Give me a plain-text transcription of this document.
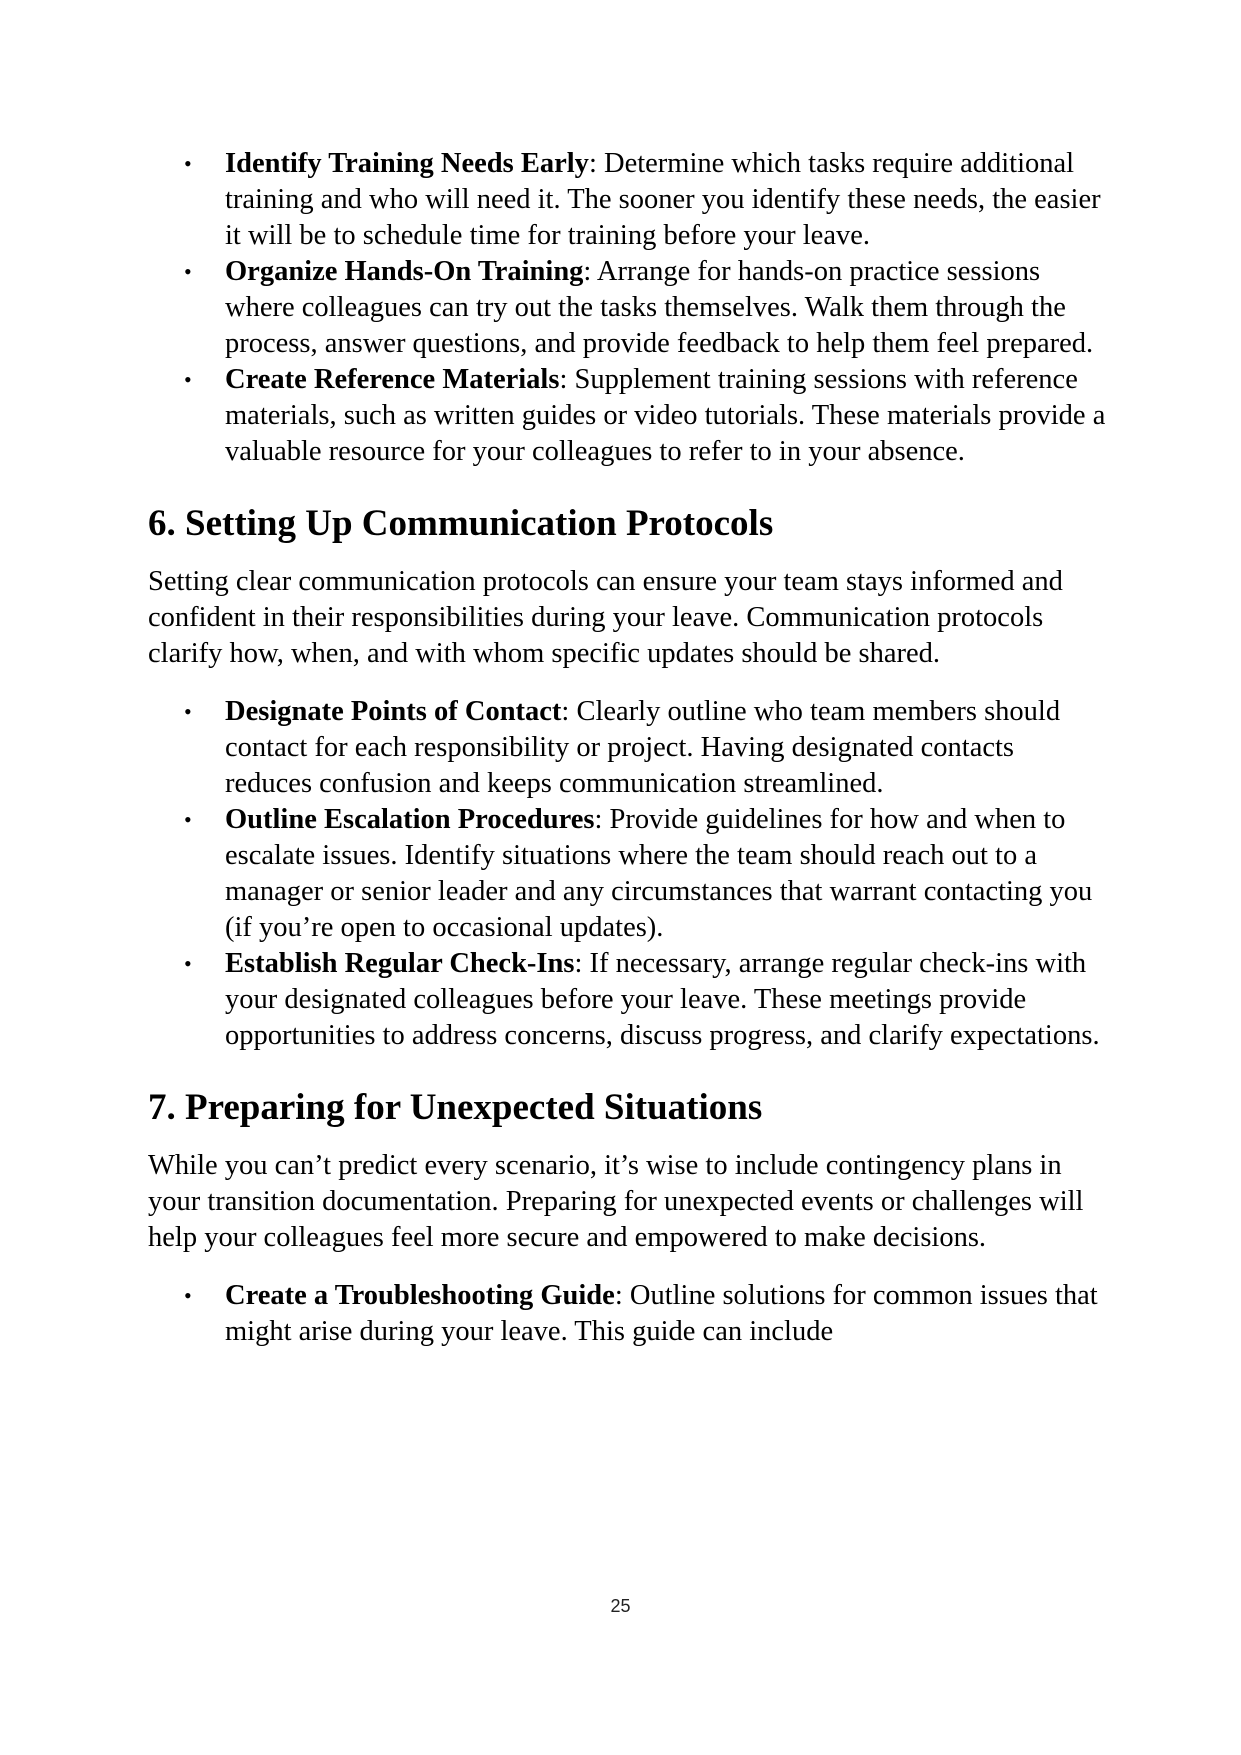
• Identify Training Needs Early: Determine which tasks require additional training and who will need it. The sooner you identify these needs, the easier it will be to schedule time for training before your leave.
• Organize Hands-On Training: Arrange for hands-on practice sessions where colleagues can try out the tasks themselves. Walk them through the process, answer questions, and provide feedback to help them feel prepared.
• Create Reference Materials: Supplement training sessions with reference materials, such as written guides or video tutorials. These materials provide a valuable resource for your colleagues to refer to in your absence.
6. Setting Up Communication Protocols

Setting clear communication protocols can ensure your team stays informed and confident in their responsibilities during your leave. Communication protocols clarify how, when, and with whom specific updates should be shared.

• Designate Points of Contact: Clearly outline who team members should contact for each responsibility or project. Having designated contacts reduces confusion and keeps communication streamlined.
• Outline Escalation Procedures: Provide guidelines for how and when to escalate issues. Identify situations where the team should reach out to a manager or senior leader and any circumstances that warrant contacting you (if you’re open to occasional updates).
• Establish Regular Check-Ins: If necessary, arrange regular check-ins with your designated colleagues before your leave. These meetings provide opportunities to address concerns, discuss progress, and clarify expectations.
7. Preparing for Unexpected Situations

While you can’t predict every scenario, it’s wise to include contingency plans in your transition documentation. Preparing for unexpected events or challenges will help your colleagues feel more secure and empowered to make decisions.

• Create a Troubleshooting Guide: Outline solutions for common issues that might arise during your leave. This guide can include
25
